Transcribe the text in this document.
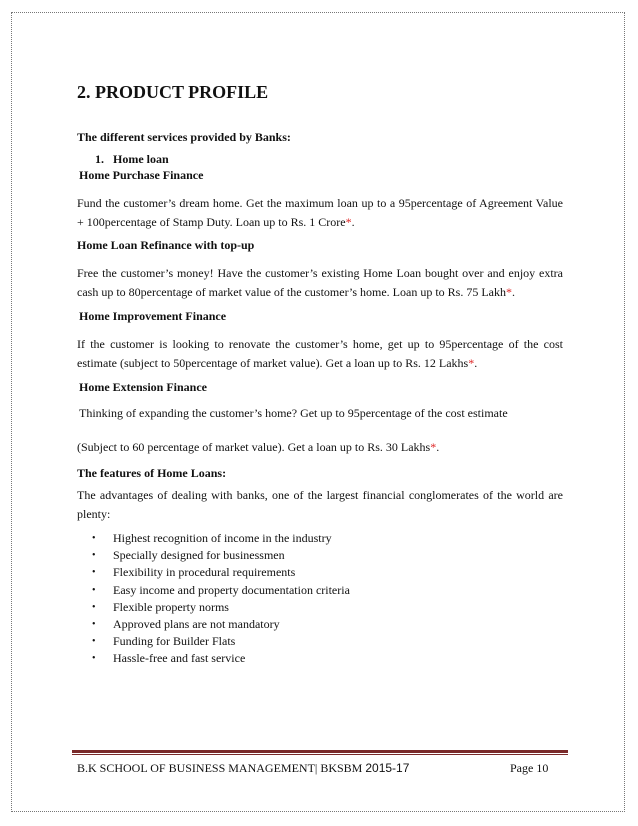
2. PRODUCT PROFILE
The different services provided by Banks:
1.   Home loan
Home Purchase Finance
Fund the customer’s dream home. Get the maximum loan up to a 95percentage of Agreement Value + 100percentage of Stamp Duty. Loan up to Rs. 1 Crore*.
Home Loan Refinance with top-up
Free the customer’s money! Have the customer’s existing Home Loan bought over and enjoy extra cash up to 80percentage of market value of the customer’s home. Loan up to Rs. 75 Lakh*.
Home Improvement Finance
If the customer is looking to renovate the customer’s home, get up to 95percentage of the cost estimate (subject to 50percentage of market value). Get a loan up to Rs. 12 Lakhs*.
Home Extension Finance
Thinking of expanding the customer’s home? Get up to 95percentage of the cost estimate
(Subject to 60 percentage of market value). Get a loan up to Rs. 30 Lakhs*.
The features of Home Loans:
The advantages of dealing with banks, one of the largest financial conglomerates of the world are plenty:
• Highest recognition of income in the industry
• Specially designed for businessmen
• Flexibility in procedural requirements
• Easy income and property documentation criteria
• Flexible property norms
• Approved plans are not mandatory
• Funding for Builder Flats
• Hassle-free and fast service
B.K SCHOOL OF BUSINESS MANAGEMENT| BKSBM 2015-17	Page 10
